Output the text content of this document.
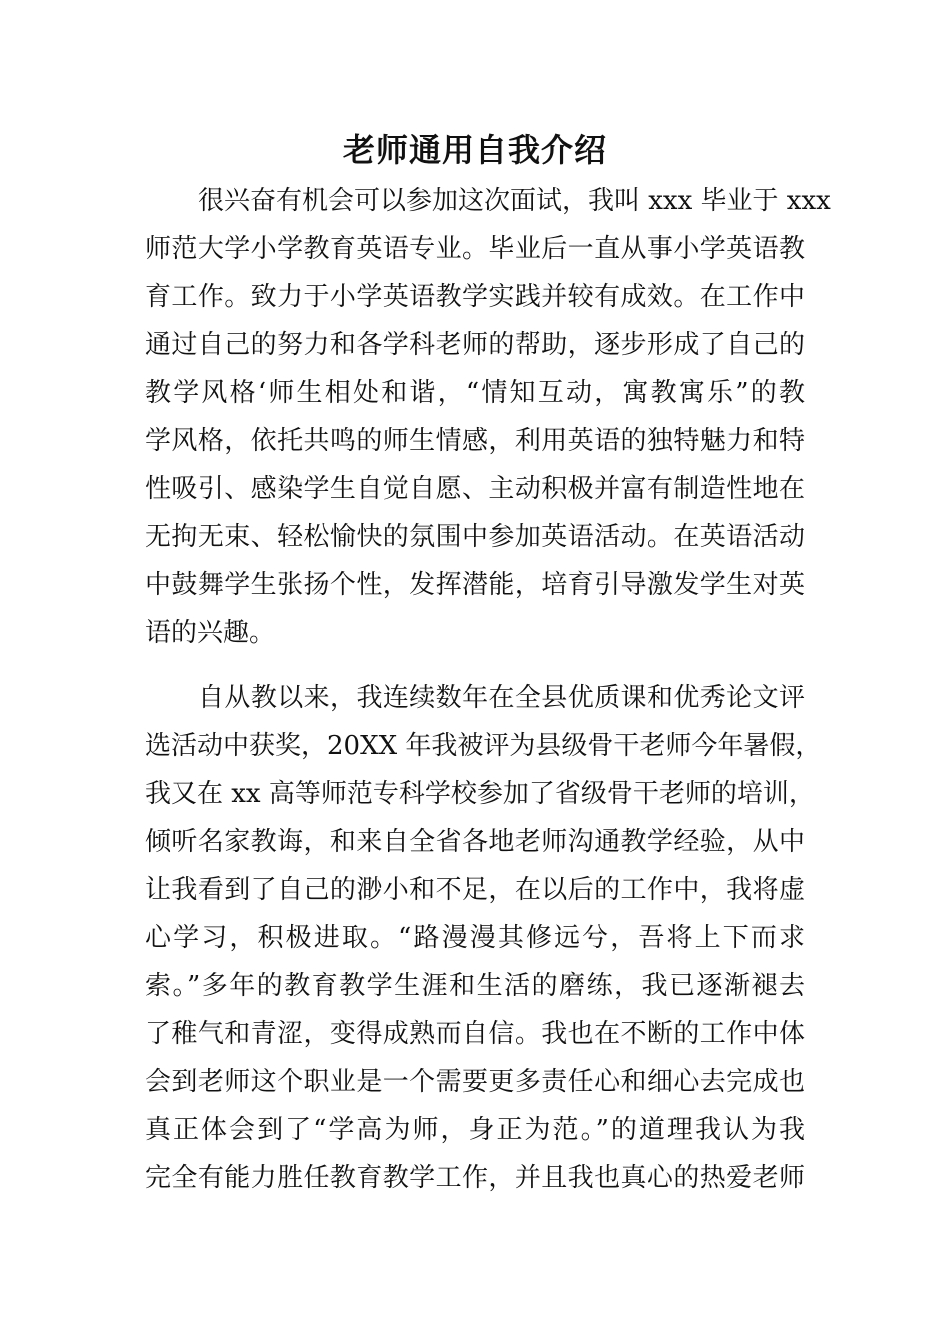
老师通用自我介绍

很兴奋有机会可以参加这次面试，我叫 xxx 毕业于 xxx

师范大学小学教育英语专业。毕业后一直从事小学英语教

育工作。致力于小学英语教学实践并较有成效。在工作中

通过自己的努力和各学科老师的帮助，逐步形成了自己的

教学风格‘师生相处和谐，“情知互动，寓教寓乐”的教

学风格，依托共鸣的师生情感，利用英语的独特魅力和特

性吸引、感染学生自觉自愿、主动积极并富有制造性地在

无拘无束、轻松愉快的氛围中参加英语活动。在英语活动

中鼓舞学生张扬个性，发挥潜能，培育引导激发学生对英

语的兴趣。

自从教以来，我连续数年在全县优质课和优秀论文评

选活动中获奖，20XX 年我被评为县级骨干老师今年暑假，

我又在 xx 高等师范专科学校参加了省级骨干老师的培训，

倾听名家教诲，和来自全省各地老师沟通教学经验，从中

让我看到了自己的渺小和不足，在以后的工作中，我将虚

心学习，积极进取。“路漫漫其修远兮，吾将上下而求

索。”多年的教育教学生涯和生活的磨练，我已逐渐褪去

了稚气和青涩，变得成熟而自信。我也在不断的工作中体

会到老师这个职业是一个需要更多责任心和细心去完成也

真正体会到了“学高为师，身正为范。”的道理我认为我

完全有能力胜任教育教学工作，并且我也真心的热爱老师
